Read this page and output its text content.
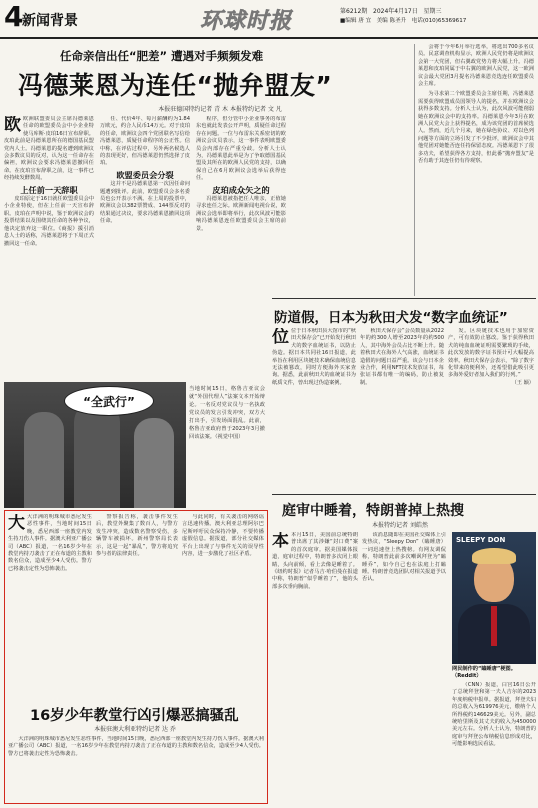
4
新闻背景	环球时报	第6212期 2024年4月17日 星期三
■编辑 唐 宜 美编 陈圣升 电话(010)65369617
任命亲信出任“肥差” 遭遇对手频频发难
冯德莱恩为连任“抛弁盟友”
本报驻德国特约记者 青 木 本报特约记者 文 凡
欧 欧洲联盟委员会主席冯德莱恩任命的欧盟委员会中小企业特使马库斯·皮珀16日宣布辞职。皮珀此前是冯德莱恩所在的德国基民盟党内人士。冯德莱恩的提名遭到欧洲议会多数议员的反对，认为这一任命存在偏袒，欧洲议会要求冯德莱恩撤回任命。在皮珀宣布辞职之前，这一事件已经持续发酵数周。
上任前一天辞职

皮珀原定于16日就任欧盟委员会中小企业特使，但在上任前一天宣布辞职。皮珀在声明中说，鉴于欧洲议会的投票结果以及围绕其任命的各种争议，他决定放弃这一职位。《商报》援引消息人士的话称，冯德莱恩将于下周正式撤回这一任命。

任、代价4年、每月薪酬约为1.84万欧元，约合人民币14万元。对于皮珀的任命，欧洲议会四个党团联名写信给冯德莱恩，质疑任命程序的公正性。信中称，在评估过程中，另外两名候选人的表现更好，但冯德莱恩仍然选择了皮珀。

欧盟委员会分裂

这并不是冯德莱恩第一次因任命问题遭到批评。此前，欧盟委员会多名委员也公开表示不满。在上周的投票中，欧洲议会以382票赞成、144票反对的结果通过决议，要求冯德莱恩撤回这项任命。

程序，但分管中小企业事务的布雷东也就此发表公开声明，质疑任命过程存在问题。一位与布雷东关系密切的欧洲议会议员表示，这一事件表明欧盟委员会内部存在严重分歧。分析人士认为，冯德莱恩此举是为了争取德国基民盟及其所在的欧洲人民党的支持，以确保自己在6月欧洲议会选举后获得连任。

皮珀成众矢之的

冯德莱恩被指把任人唯亲，正值她寻求连任之际。欧洲新闻电视台说，欧洲议会选举即将举行，此次风波可能影响冯德莱恩连任欧盟委员会主席的前景。

会将于今年6月举行选举，将选出700多名议员。民意调查机构显示，欧洲人民党仍将是欧洲议会第一大党团，但右翼政党势力将大幅上升。冯德莱恩和皮珀同属于中右翼的欧洲人民党，这一欧洲议会最大党团3月提名冯德莱恩竞选连任欧盟委员会主席。

为寻求第二个欧盟委员会主席任期，冯德莱恩需要获得欧盟成员国领导人的提名，并在欧洲议会获得多数支持。分析人士认为，此次风波可能削弱她在欧洲议会中的支持率。冯德莱恩今年3月在欧洲人民党大会上获得提名，成为该党团的首席候选人。然而，近几个月来，她在绿色协议、对以色列问题等方面的立场引发了不少批评，欧洲议会中其他党团对她能否连任持保留态度。冯德莱恩下了很多功夫，希望获得各方支持，但此番“抛弃盟友”是否有助于其连任仍有待观察。

防道假，日本为秋田犬发“数字血统证”
位 位于日本秋田县大馆市的“秋田犬保存会”已开始发行秋田犬的数字血统证书，以防止伪造。据日本共同社16日报道，此举旨在利用区块链技术确保血统信息无法被篡改，同时方便海外买家查询。据悉，此前秋田犬的血统证书为纸质文件，曾出现过伪造案例。

秋田犬保存会”会员数量从2022年的约300人增至2023年的约500人，其中海外会员占比不断上升。随着秋田犬在海外人气高涨，血统证书造假的问题日益严重。该会与日本企业合作，利用NFT技术发放证书，每张证书都有唯一的编码，防止被复制。

发。区块链技术也用于加密资产，可有效防止篡改。鉴于获得秋田犬的纯血血统证明需要繁琐的手续，此次发放的数字证书预计可大幅提高效率。秋田犬保存会表示，“除了数字化带来的便利外，还希望借此吸引更多海外爱好者加入我们的行列。”

（王 颖）
“全武行”
当地时间15日，格鲁吉亚议会就“外国代理人”法案文本开始辩论。一名反对党议员与一名执政党议员的发言引发冲突，双方大打出手，引发场面混乱。此前，格鲁吉亚政府曾于2023年3月撤回该法案。（视觉中国）
庭审中睡着，特朗普掉上热搜
本报特约记者 刘皓然
本 本月15日，美国前总统特朗普出席了其涉嫌“封口费”案的首次庭审。据美国媒体报道，庭审过程中，特朗普多次闭上眼睛，头向前倾，看上去像是睡着了。《纽约时报》记者马吉·哈伯曼在报道中称，特朗普“似乎睡着了”，他的头部多次垂向胸前。

该消息随即在美国社交媒体上引发热议，“Sleepy Don”（瞌睡唐）一词迅速登上热搜榜。有网友调侃称，特朗普此前多次嘲讽拜登为“瞌睡乔”，如今自己也在法庭上打瞌睡。特朗普竞选团队对相关报道予以否认。

SLEEPY DON
网民制作的“瞌睡唐”梗图。（Reddit）

（CNN）报道，白宫16日公开了总统拜登和第一夫人吉尔的2023年度纳税申报单。据报道，拜登夫妇的总收入为619976美元，缴纳个人所得税约146629美元。另外，副总统哈里斯及其丈夫的收入为450000美元左右。分析人士认为，特朗普的庭审与拜登公布纳税信息形成对比，可能影响选民看法。

大 大洋洲的明珠城市悉尼发生恶性事件，当地时间15日晚，悉尼西部一座教堂内发生持刀伤人事件。据澳大利亚广播公司（ABC）报道，一名16岁少年在教堂内持刀袭击了正在布道的主教和数名信众，造成至少4人受伤。警方已将袭击定性为恐怖袭击。

警察报告称，袭击事件发生后，教堂外聚集了数百人，与警方发生冲突，造成数名警察受伤，多辆警车被损坏。新州警察局长表示，这是一起“暴乱”，警方将追究参与者的法律责任。

与此同时，有关袭击的网络谣言迅速传播。澳大利亚总理阿尔巴尼斯呼吁民众保持冷静，不要传播虚假信息。据报道，部分社交媒体平台上出现了与事件无关的误导性内容，进一步激化了社区矛盾。

16岁少年教堂行凶引爆恶搞骚乱
本报驻澳大利亚特约记者 达 乔

大洋洲的明珠城市悉尼发生恶性事件，当地时间15日晚，悉尼西部一座教堂内发生持刀伤人事件。据澳大利亚广播公司（ABC）报道，一名16岁少年在教堂内持刀袭击了正在布道的主教和数名信众，造成至少4人受伤。警方已将袭击定性为恐怖袭击。
